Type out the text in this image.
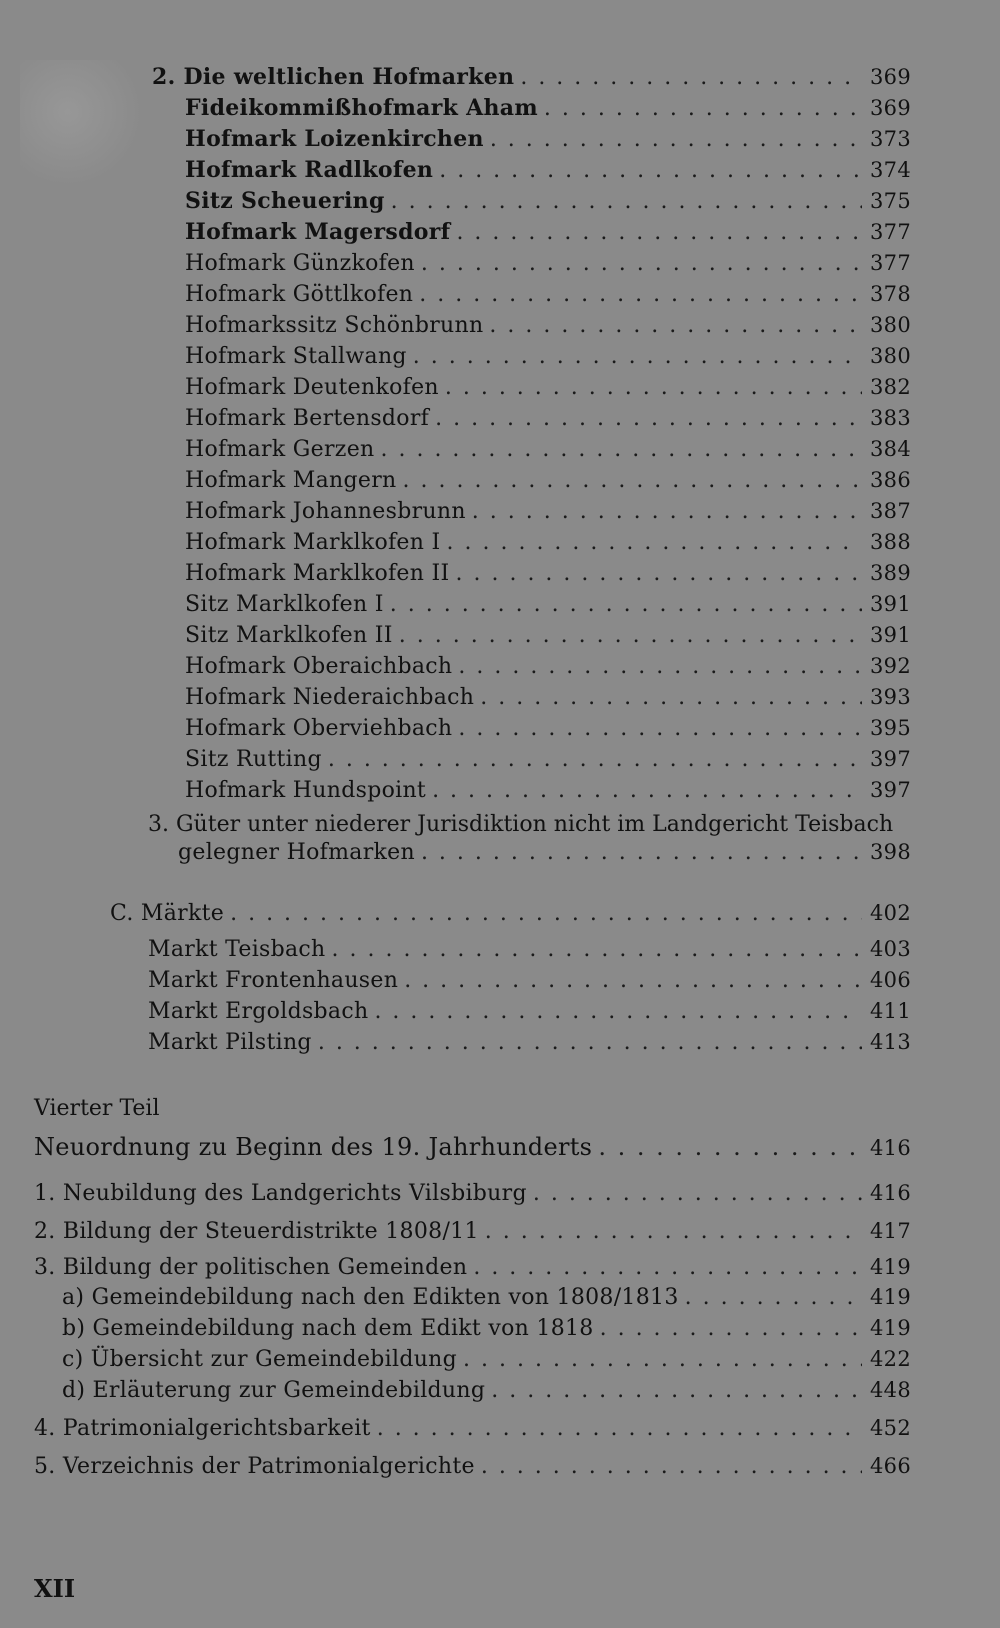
2. Die weltlichen Hofmarken . . .	369
Fideikommißhofmark Aham . . .	369
Hofmark Loizenkirchen . . .	373
Hofmark Radlkofen . . .	374
Sitz Scheuering . . .	375
Hofmark Magersdorf . . .	377
Hofmark Günzkofen . . .	377
Hofmark Göttlkofen . . .	378
Hofmarkssitz Schönbrunn . . .	380
Hofmark Stallwang . . .	380
Hofmark Deutenkofen . . .	382
Hofmark Bertensdorf . . .	383
Hofmark Gerzen . . .	384
Hofmark Mangern . . .	386
Hofmark Johannesbrunn . . .	387
Hofmark Marklkofen I . . .	388
Hofmark Marklkofen II . . .	389
Sitz Marklkofen I . . .	391
Sitz Marklkofen II . . .	391
Hofmark Oberaichbach . . .	392
Hofmark Niederaichbach . . .	393
Hofmark Oberviehbach . . .	395
Sitz Rutting . . .	397
Hofmark Hundspoint . . .	397
3. Güter unter niederer Jurisdiktion nicht im Landgericht Teisbach
gelegner Hofmarken . . .	398
C. Märkte . . .	402
Markt Teisbach . . .	403
Markt Frontenhausen . . .	406
Markt Ergoldsbach . . .	411
Markt Pilsting . . .	413
Vierter Teil
Neuordnung zu Beginn des 19. Jahrhunderts . . .	416
1. Neubildung des Landgerichts Vilsbiburg . . .	416
2. Bildung der Steuerdistrikte 1808/11 . . .	417
3. Bildung der politischen Gemeinden . . .	419
a) Gemeindebildung nach den Edikten von 1808/1813 . . .	419
b) Gemeindebildung nach dem Edikt von 1818 . . .	419
c) Übersicht zur Gemeindebildung . . .	422
d) Erläuterung zur Gemeindebildung . . .	448
4. Patrimonialgerichtsbarkeit . . .	452
5. Verzeichnis der Patrimonialgerichte . . .	466
XII
